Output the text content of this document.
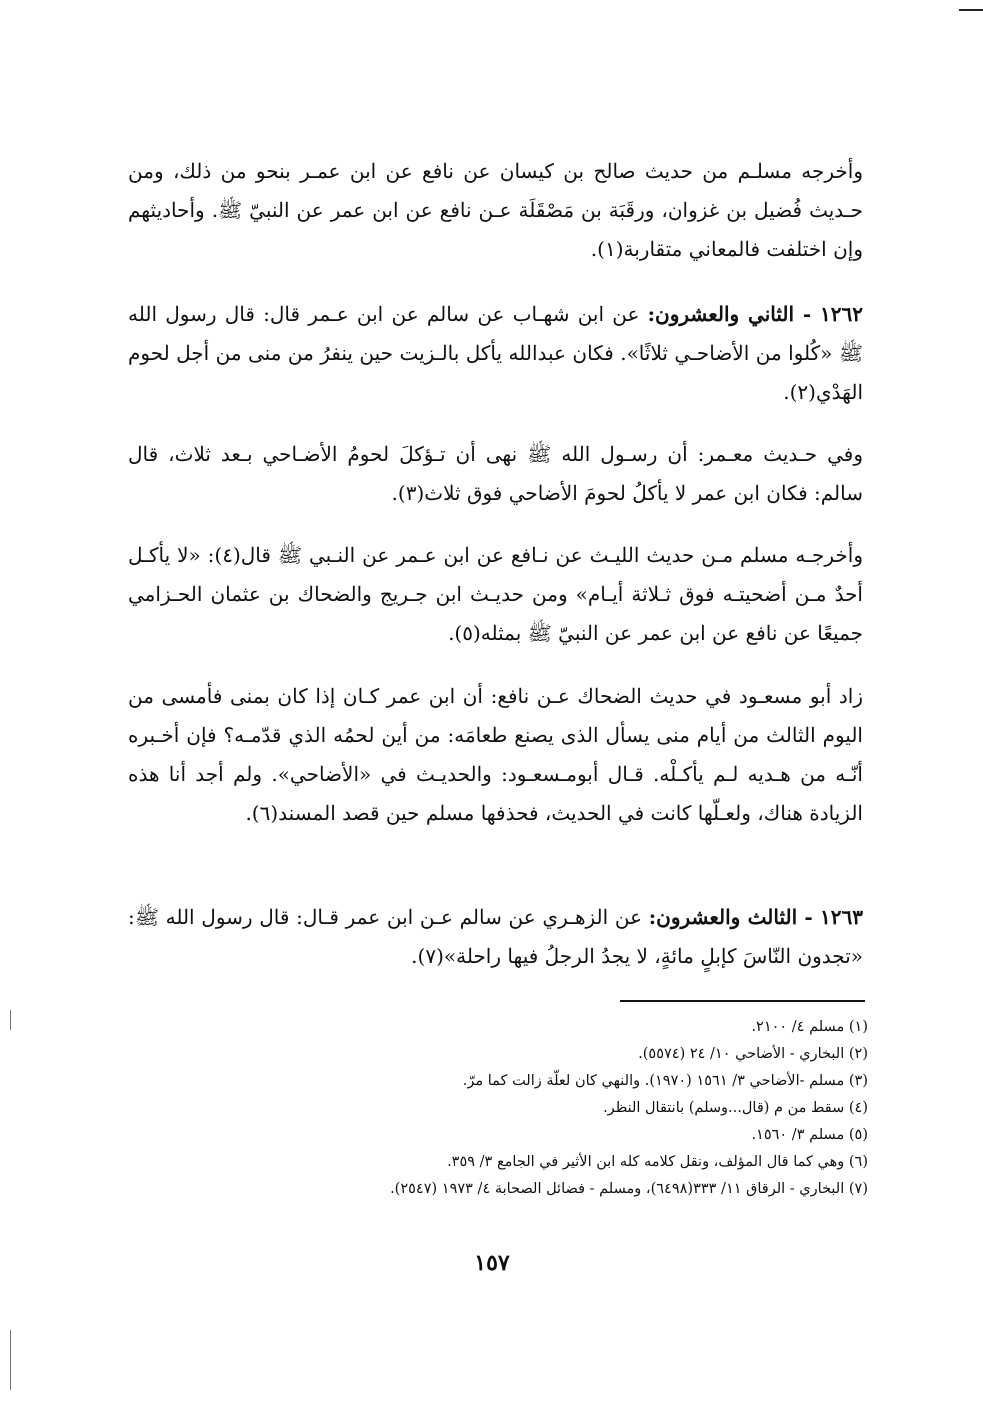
وأخرجه مسلـم من حديث صالح بن كيسان عن نافع عن ابن عمـر بنحو من ذلك، ومن حـديث فُضيل بن غزوان، ورقَبَة بن مَصْقَلَة عـن نافع عن ابن عمر عن النبيّ ﷺ. وأحاديثهم وإن اختلفت فالمعاني متقاربة(١).

١٢٦٢ - الثاني والعشرون: عن ابن شهـاب عن سالم عن ابن عـمر قال: قال رسول الله ﷺ «كُلوا من الأضاحـي ثلاثًا». فكان عبدالله يأكل بالـزيت حين ينفرُ من منى من أجل لحوم الهَدْي(٢).

وفي حـديث معـمر: أن رسـول الله ﷺ نهى أن تـؤكلَ لحومُ الأضـاحي بـعد ثلاث، قال سالم: فكان ابن عمر لا يأكلُ لحومَ الأضاحي فوق ثلاث(٣).

وأخرجـه مسلم مـن حديث الليـث عن نـافع عن ابن عـمر عن النـبي ﷺ قال(٤): «لا يأكـل أحدٌ مـن أضحيتـه فوق ثـلاثة أيـام» ومن حديـث ابن جـريج والضحاك بن عثمان الحـزامي جميعًا عن نافع عن ابن عمر عن النبيّ ﷺ بمثله(٥).

زاد أبو مسعـود في حديث الضحاك عـن نافع: أن ابن عمر كـان إذا كان بمنى فأمسى من اليوم الثالث من أيام منى يسأل الذى يصنع طعامَه: من أين لحمُه الذي قدّمـه؟ فإن أخـبره أنّـه من هـديه لـم يأكـلْه. قـال أبومـسعـود: والحديـث في «الأضاحي». ولم أجد أنا هذه الزيادة هناك، ولعـلّها كانت في الحديث، فحذفها مسلم حين قصد المسند(٦).

١٢٦٣ - الثالث والعشرون: عن الزهـري عن سالم عـن ابن عمر قـال: قال رسول الله ﷺ: «تجدون النّاسَ كإبلٍ مائةٍ، لا يجدُ الرجلُ فيها راحلة»(٧).

(١) مسلم ٤/ ٢١٠٠.
(٢) البخاري - الأضاحي ١٠/ ٢٤ (٥٥٧٤).
(٣) مسلم -الأضاحي ٣/ ١٥٦١ (١٩٧٠). والنهي كان لعلّة زالت كما مرّ.
(٤) سقط من م (قال...وسلم) بانتقال النظر.
(٥) مسلم ٣/ ١٥٦٠.
(٦) وهي كما قال المؤلف، ونقل كلامه كله ابن الأثير في الجامع ٣/ ٣٥٩.
(٧) البخاري - الرقاق ١١/ ٣٣٣(٦٤٩٨)، ومسلم - فضائل الصحابة ٤/ ١٩٧٣ (٢٥٤٧).
١٥٧
